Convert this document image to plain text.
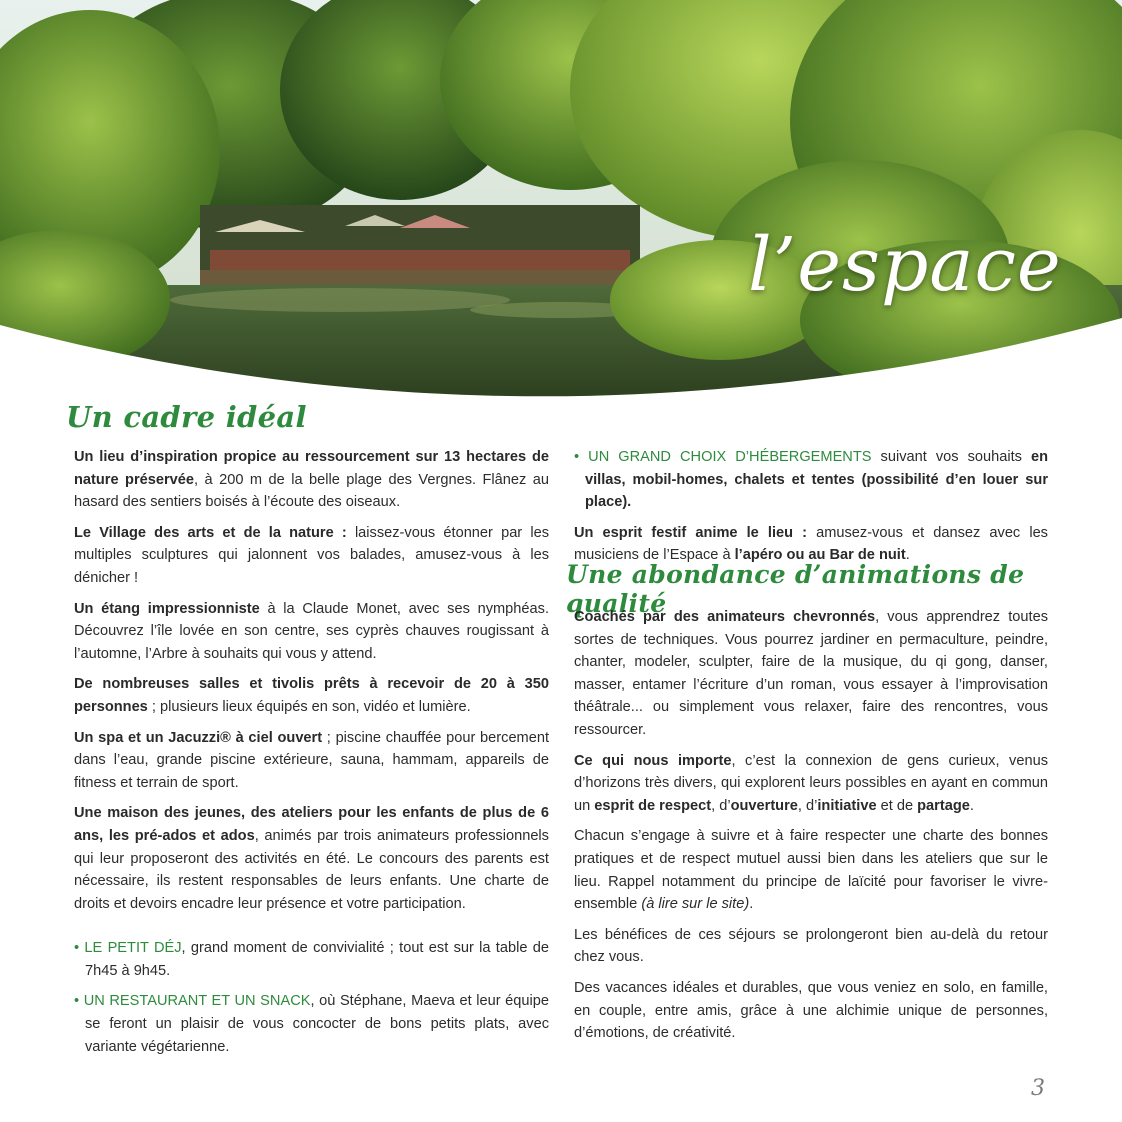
l’espace
Un cadre idéal

Un lieu d’inspiration propice au ressourcement sur 13 hectares de nature préservée, à 200 m de la belle plage des Vergnes. Flânez au hasard des sentiers boisés à l’écoute des oiseaux.

Le Village des arts et de la nature : laissez-vous étonner par les multiples sculptures qui jalonnent vos balades, amusez-vous à les dénicher !

Un étang impressionniste à la Claude Monet, avec ses nymphéas. Découvrez l’île lovée en son centre, ses cyprès chauves rougissant à l’automne, l’Arbre à souhaits qui vous y attend.

De nombreuses salles et tivolis prêts à recevoir de 20 à 350 personnes ; plusieurs lieux équipés en son, vidéo et lumière.

Un spa et un Jacuzzi® à ciel ouvert ; piscine chauffée pour bercement dans l’eau, grande piscine extérieure, sauna, hammam, appareils de fitness et terrain de sport.

Une maison des jeunes, des ateliers pour les enfants de plus de 6 ans, les pré-ados et ados, animés par trois animateurs professionnels qui leur proposeront des activités en été. Le concours des parents est nécessaire, ils restent responsables de leurs enfants. Une charte de droits et devoirs encadre leur présence et votre participation.

• LE PETIT DÉJ, grand moment de convivialité ; tout est sur la table de 7h45 à 9h45.

• UN RESTAURANT ET UN SNACK, où Stéphane, Maeva et leur équipe se feront un plaisir de vous concocter de bons petits plats, avec variante végétarienne.

• UN GRAND CHOIX D’HÉBERGEMENTS suivant vos souhaits en villas, mobil-homes, chalets et tentes (possibilité d’en louer sur place).

Un esprit festif anime le lieu : amusez-vous et dansez avec les musiciens de l’Espace à l’apéro ou au Bar de nuit.

Une abondance d’animations de qualité

Coachés par des animateurs chevronnés, vous apprendrez toutes sortes de techniques. Vous pourrez jardiner en permaculture, peindre, chanter, modeler, sculpter, faire de la musique, du qi gong, danser, masser, entamer l’écriture d’un roman, vous essayer à l’improvisation théâtrale... ou simplement vous relaxer, faire des rencontres, vous ressourcer.

Ce qui nous importe, c’est la connexion de gens curieux, venus d’horizons très divers, qui explorent leurs possibles en ayant en commun un esprit de respect, d’ouverture, d’initiative et de partage.

Chacun s’engage à suivre et à faire respecter une charte des bonnes pratiques et de respect mutuel aussi bien dans les ateliers que sur le lieu. Rappel notamment du principe de laïcité pour favoriser le vivre-ensemble (à lire sur le site).

Les bénéfices de ces séjours se prolongeront bien au-delà du retour chez vous.

Des vacances idéales et durables, que vous veniez en solo, en famille, en couple, entre amis, grâce à une alchimie unique de personnes, d’émotions, de créativité.

3
